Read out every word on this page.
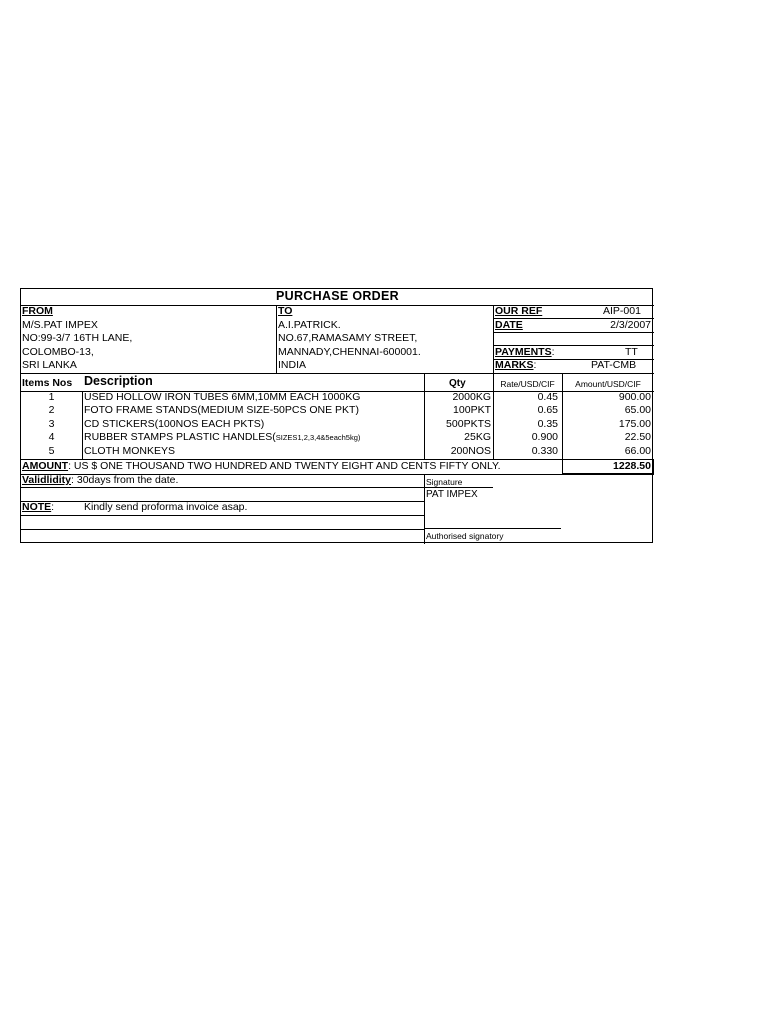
PURCHASE ORDER
FROM
M/S.PAT IMPEX
NO:99-3/7 16TH LANE,
COLOMBO-13,
SRI LANKA
TO
A.I.PATRICK.
NO.67,RAMASAMY STREET,
MANNADY,CHENNAI-600001.
INDIA
OUR REF	AIP-001
DATE	2/3/2007
PAYMENTS:	TT
MARKS:	PAT-CMB
Items Nos Description	Qty	Rate/USD/CIF	Amount/USD/CIF
1	USED HOLLOW IRON TUBES 6MM,10MM EACH 1000KG	2000KG	0.45	900.00
2	FOTO FRAME STANDS(MEDIUM SIZE-50PCS ONE PKT)	100PKT	0.65	65.00
3	CD STICKERS(100NOS EACH PKTS)	500PKTS	0.35	175.00
4	RUBBER STAMPS PLASTIC HANDLES(SIZES1,2,3,4&5each5kg)	25KG	0.900	22.50
5	CLOTH MONKEYS	200NOS	0.330	66.00
AMOUNT: US $ ONE THOUSAND TWO HUNDRED AND TWENTY EIGHT AND CENTS FIFTY ONLY.	1228.50
Validlidity: 30days from the date.
NOTE:	Kindly send proforma invoice asap.
Signature
PAT IMPEX
Authorised signatory
